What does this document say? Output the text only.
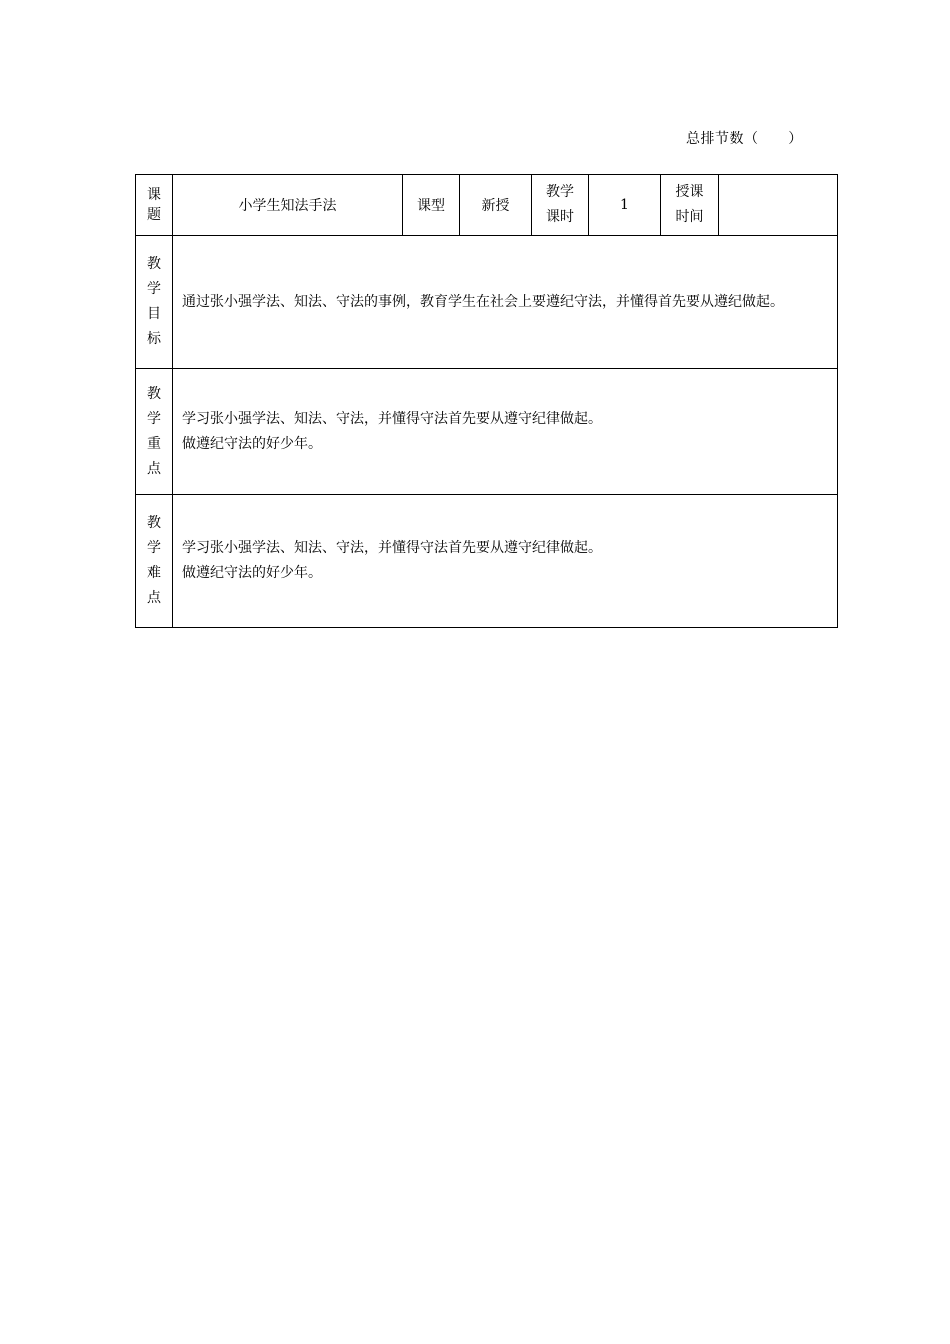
总排节数（      ）
课题	小学生知法手法	课型	新授	教学课时	1	授课时间	
教学目标	通过张小强学法、知法、守法的事例，教育学生在社会上要遵纪守法，并懂得首先要从遵纪做起。						

教学重点	学习张小强学法、知法、守法，并懂得守法首先要从遵守纪律做起。
做遵纪守法的好少年。						

教学难点	学习张小强学法、知法、守法，并懂得守法首先要从遵守纪律做起。
做遵纪守法的好少年。						
